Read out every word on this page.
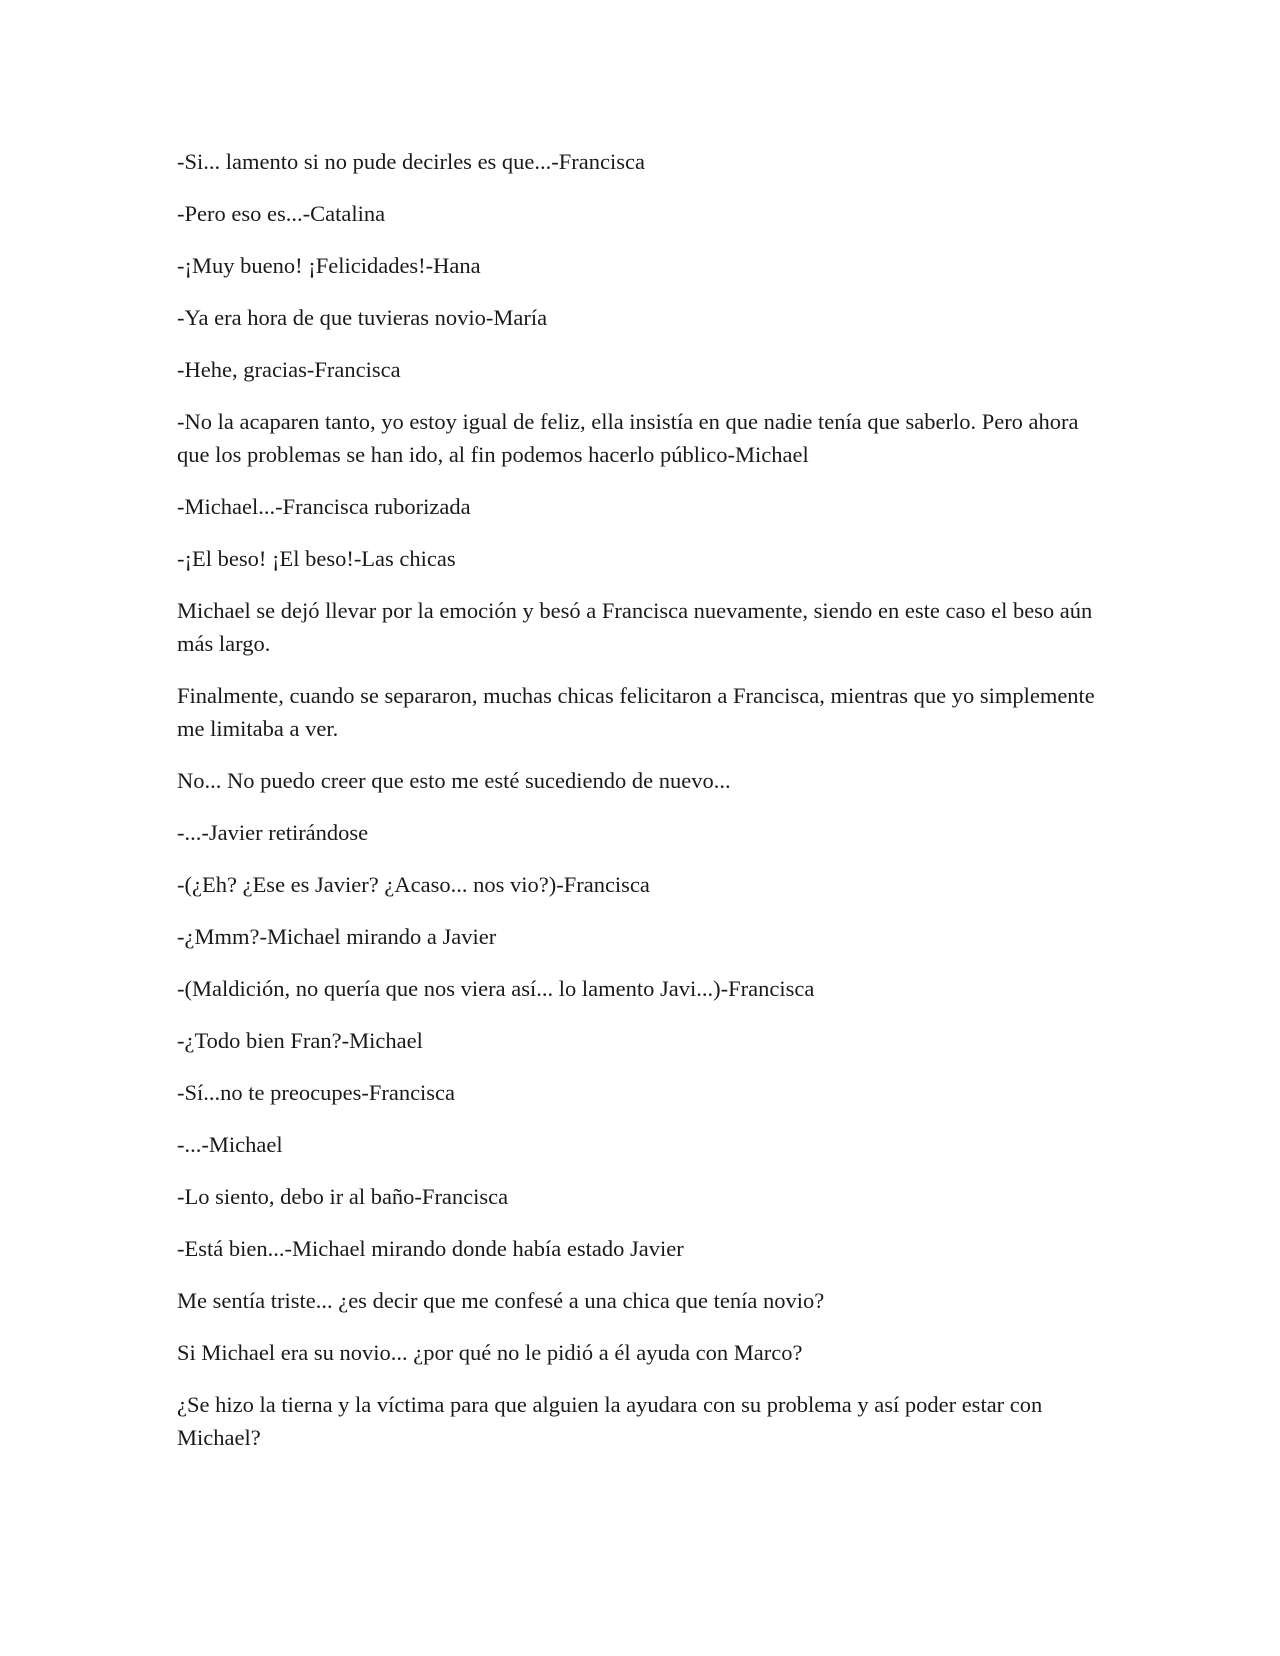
-Si... lamento si no pude decirles es que...-Francisca

-Pero eso es...-Catalina

-¡Muy bueno! ¡Felicidades!-Hana

-Ya era hora de que tuvieras novio-María

-Hehe, gracias-Francisca

-No la acaparen tanto, yo estoy igual de feliz, ella insistía en que nadie tenía que saberlo. Pero ahora que los problemas se han ido, al fin podemos hacerlo público-Michael

-Michael...-Francisca ruborizada

-¡El beso! ¡El beso!-Las chicas

Michael se dejó llevar por la emoción y besó a Francisca nuevamente, siendo en este caso el beso aún más largo.

Finalmente, cuando se separaron, muchas chicas felicitaron a Francisca, mientras que yo simplemente me limitaba a ver.

No... No puedo creer que esto me esté sucediendo de nuevo...

-...-Javier retirándose

-(¿Eh? ¿Ese es Javier? ¿Acaso... nos vio?)-Francisca

-¿Mmm?-Michael mirando a Javier

-(Maldición, no quería que nos viera así... lo lamento Javi...)-Francisca

-¿Todo bien Fran?-Michael

-Sí...no te preocupes-Francisca

-...-Michael

-Lo siento, debo ir al baño-Francisca

-Está bien...-Michael mirando donde había estado Javier

Me sentía triste... ¿es decir que me confesé a una chica que tenía novio?

Si Michael era su novio... ¿por qué no le pidió a él ayuda con Marco?

¿Se hizo la tierna y la víctima para que alguien la ayudara con su problema y así poder estar con Michael?
